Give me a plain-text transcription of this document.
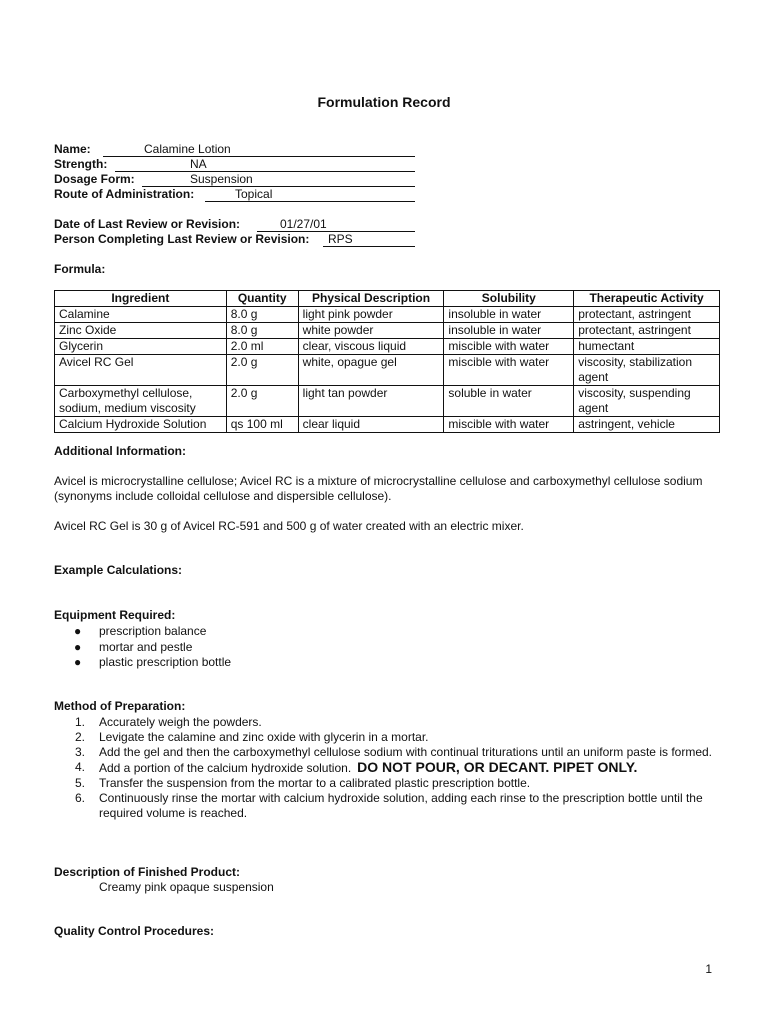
Formulation Record
Name:	Calamine Lotion
Strength:	NA
Dosage Form:	Suspension
Route of Administration:	Topical
Date of Last Review or Revision:	01/27/01
Person Completing Last Review or Revision: RPS
Formula:
Ingredient	Quantity	Physical Description	Solubility	Therapeutic Activity
Calamine	8.0 g	light pink powder	insoluble in water	protectant, astringent
Zinc Oxide	8.0 g	white powder	insoluble in water	protectant, astringent
Glycerin	2.0 ml	clear, viscous liquid	miscible with water	humectant
Avicel RC Gel	2.0 g	white, opague gel	miscible with water	viscosity, stabilization agent
Carboxymethyl cellulose, sodium, medium viscosity	2.0 g	light tan powder	soluble in water	viscosity, suspending agent
Calcium Hydroxide Solution	qs 100 ml	clear liquid	miscible with water	astringent, vehicle
Additional Information:
Avicel is microcrystalline cellulose; Avicel RC is a mixture of microcrystalline cellulose and carboxymethyl cellulose sodium (synonyms include colloidal cellulose and dispersible cellulose).
Avicel RC Gel is 30 g of Avicel RC-591 and 500 g of water created with an electric mixer.
Example Calculations:
Equipment Required:
● prescription balance
● mortar and pestle
● plastic prescription bottle
Method of Preparation:
1. Accurately weigh the powders.
2. Levigate the calamine and zinc oxide with glycerin in a mortar.
3. Add the gel and then the carboxymethyl cellulose sodium with continual triturations until an uniform paste is formed.
4. Add a portion of the calcium hydroxide solution. DO NOT POUR, OR DECANT. PIPET ONLY.
5. Transfer the suspension from the mortar to a calibrated plastic prescription bottle.
6. Continuously rinse the mortar with calcium hydroxide solution, adding each rinse to the prescription bottle until the required volume is reached.
Description of Finished Product:
Creamy pink opaque suspension
Quality Control Procedures:
1
